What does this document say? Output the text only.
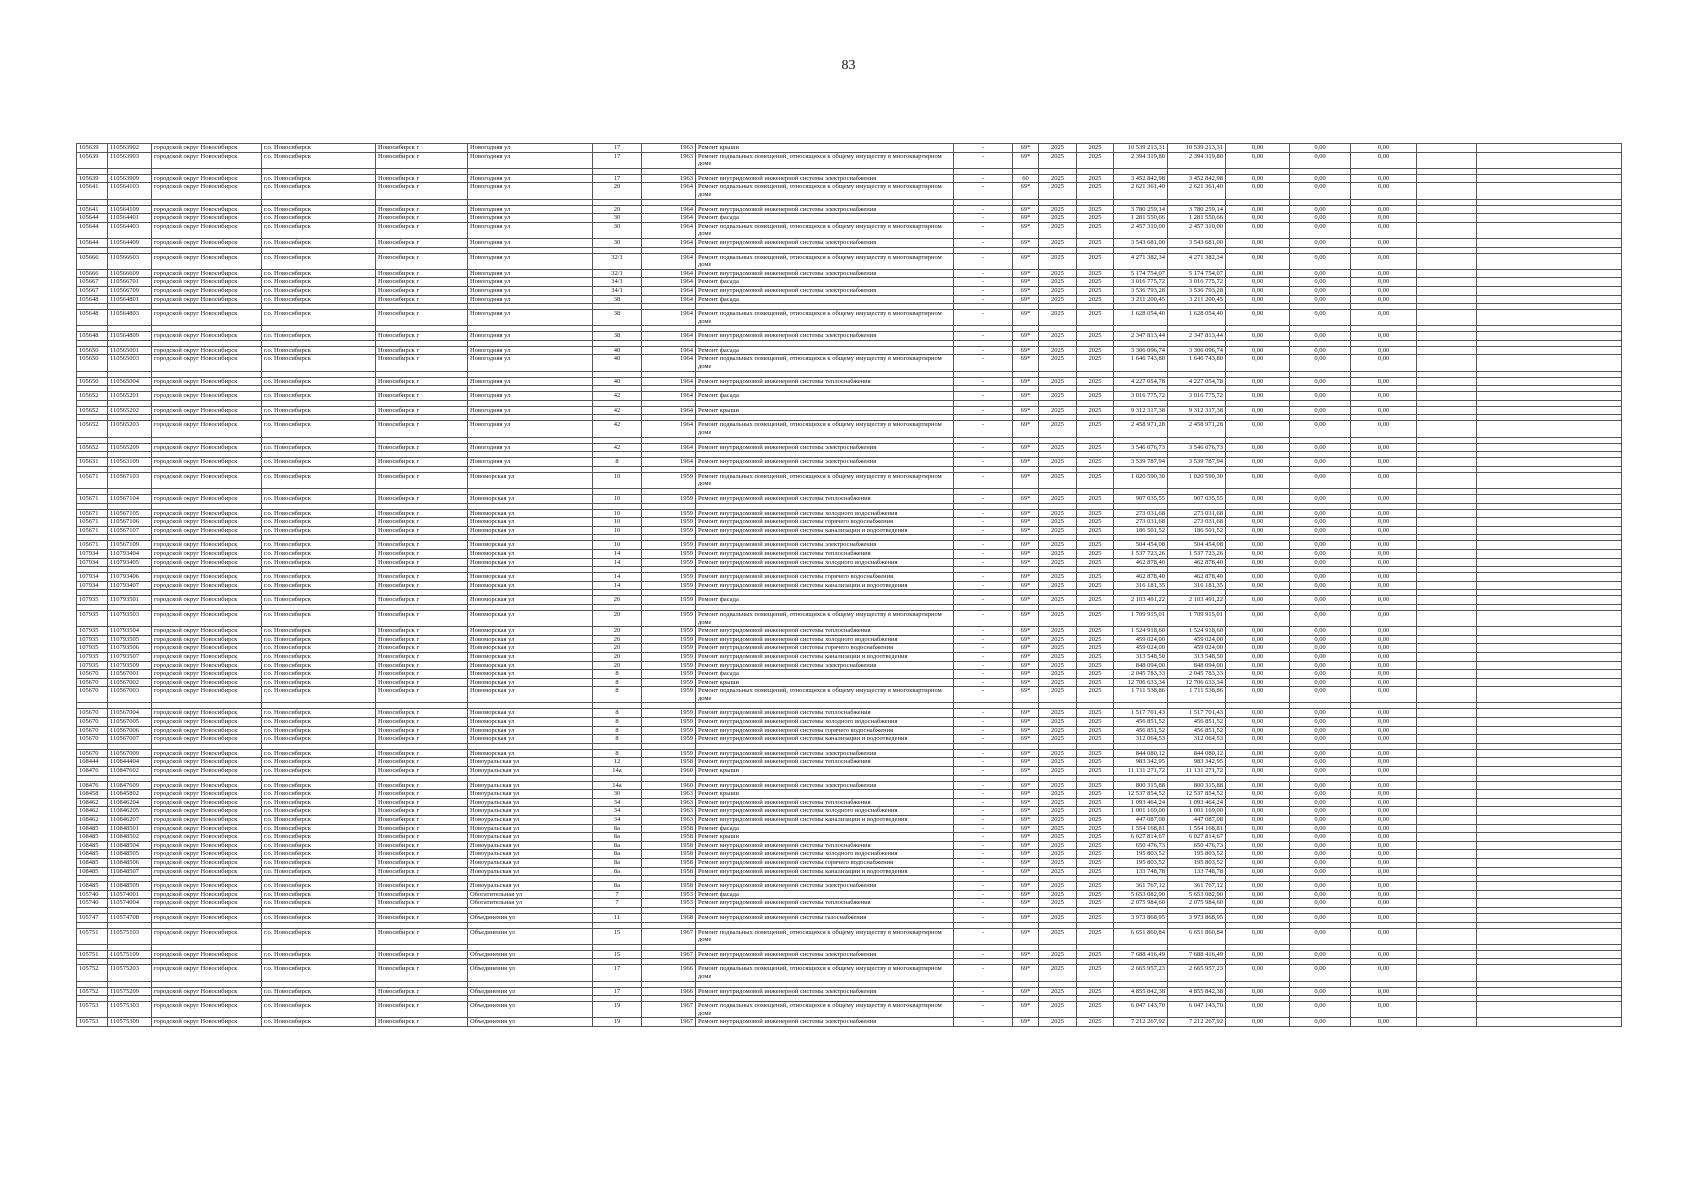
83
105639	110563902	городской округ Новосибирск	г.о. Новосибирск	Новосибирск г	Новогодняя ул	17	1963	Ремонт крыши	-	69*	2025	2025	10 539 213,31	10 539 213,31	0,00	0,00	0,00		
105639	110563903	городской округ Новосибирск	г.о. Новосибирск	Новосибирск г	Новогодняя ул	17	1963	Ремонт подвальных помещений, относящихся к общему имуществу в многоквартирном доме	-	69*	2025	2025	2 394 319,80	2 394 319,80	0,00	0,00	0,00		

105639	110563909	городской округ Новосибирск	г.о. Новосибирск	Новосибирск г	Новогодняя ул	17	1963	Ремонт внутридомовой инженерной системы электроснабжения	-	60	2025	2025	3 452 842,98	3 452 842,98	0,00	0,00	0,00		
105641	110564103	городской округ Новосибирск	г.о. Новосибирск	Новосибирск г	Новогодняя ул	20	1964	Ремонт подвальных помещений, относящихся к общему имуществу в многоквартирном доме	-	69*	2025	2025	2 621 361,40	2 621 361,40	0,00	0,00	0,00		

105641	110564109	городской округ Новосибирск	г.о. Новосибирск	Новосибирск г	Новогодняя ул	20	1964	Ремонт внутридомовой инженерной системы электроснабжения	-	69*	2025	2025	3 780 259,14	3 780 259,14	0,00	0,00	0,00		
105644	110564401	городской округ Новосибирск	г.о. Новосибирск	Новосибирск г	Новогодняя ул	30	1964	Ремонт фасада	-	69*	2025	2025	1 281 550,66	1 281 550,66	0,00	0,00	0,00		
105644	110564403	городской округ Новосибирск	г.о. Новосибирск	Новосибирск г	Новогодняя ул	30	1964	Ремонт подвальных помещений, относящихся к общему имуществу в многоквартирном доме	-	69*	2025	2025	2 457 310,00	2 457 310,00	0,00	0,00	0,00		
105644	110564409	городской округ Новосибирск	г.о. Новосибирск	Новосибирск г	Новогодняя ул	30	1964	Ремонт внутридомовой инженерной системы электроснабжения	-	69*	2025	2025	3 543 681,00	3 543 681,00	0,00	0,00	0,00		

105666	110566603	городской округ Новосибирск	г.о. Новосибирск	Новосибирск г	Новогодняя ул	32/1	1964	Ремонт подвальных помещений, относящихся к общему имуществу в многоквартирном доме	-	69*	2025	2025	4 271 382,34	4 271 382,34	0,00	0,00	0,00		
105666	110566609	городской округ Новосибирск	г.о. Новосибирск	Новосибирск г	Новогодняя ул	32/1	1964	Ремонт внутридомовой инженерной системы электроснабжения	-	69*	2025	2025	5 174 754,07	5 174 754,07	0,00	0,00	0,00		
105667	110566701	городской округ Новосибирск	г.о. Новосибирск	Новосибирск г	Новогодняя ул	34/1	1964	Ремонт фасада	-	69*	2025	2025	3 016 775,72	3 016 775,72	0,00	0,00	0,00		
105667	110566709	городской округ Новосибирск	г.о. Новосибирск	Новосибирск г	Новогодняя ул	34/1	1964	Ремонт внутридомовой инженерной системы электроснабжения	-	69*	2025	2025	3 536 793,28	3 536 793,28	0,00	0,00	0,00		
105648	110564801	городской округ Новосибирск	г.о. Новосибирск	Новосибирск г	Новогодняя ул	38	1964	Ремонт фасада	-	69*	2025	2025	3 211 200,45	3 211 200,45	0,00	0,00	0,00		

105648	110564803	городской округ Новосибирск	г.о. Новосибирск	Новосибирск г	Новогодняя ул	38	1964	Ремонт подвальных помещений, относящихся к общему имуществу в многоквартирном доме	-	69*	2025	2025	1 628 054,40	1 628 054,40	0,00	0,00	0,00		

105648	110564809	городской округ Новосибирск	г.о. Новосибирск	Новосибирск г	Новогодняя ул	38	1964	Ремонт внутридомовой инженерной системы электроснабжения	-	69*	2025	2025	2 347 813,44	2 347 813,44	0,00	0,00	0,00		

105650	110565001	городской округ Новосибирск	г.о. Новосибирск	Новосибирск г	Новогодняя ул	40	1964	Ремонт фасада	-	69*	2025	2025	3 306 096,74	3 306 096,74	0,00	0,00	0,00		
105650	110565003	городской округ Новосибирск	г.о. Новосибирск	Новосибирск г	Новогодняя ул	40	1964	Ремонт подвальных помещений, относящихся к общему имуществу в многоквартирном доме	-	69*	2025	2025	1 646 743,80	1 646 743,80	0,00	0,00	0,00		

105650	110565004	городской округ Новосибирск	г.о. Новосибирск	Новосибирск г	Новогодняя ул	40	1964	Ремонт внутридомовой инженерной системы теплоснабжения	-	69*	2025	2025	4 227 054,78	4 227 054,78	0,00	0,00	0,00		

105652	110565201	городской округ Новосибирск	г.о. Новосибирск	Новосибирск г	Новогодняя ул	42	1964	Ремонт фасада	-	69*	2025	2025	3 016 775,72	3 016 775,72	0,00	0,00	0,00		

105652	110565202	городской округ Новосибирск	г.о. Новосибирск	Новосибирск г	Новогодняя ул	42	1964	Ремонт крыши	-	69*	2025	2025	9 312 317,38	9 312 317,38	0,00	0,00	0,00		

105652	110565203	городской округ Новосибирск	г.о. Новосибирск	Новосибирск г	Новогодняя ул	42	1964	Ремонт подвальных помещений, относящихся к общему имуществу в многоквартирном доме	-	69*	2025	2025	2 458 971,28	2 458 971,28	0,00	0,00	0,00		

105652	110565209	городской округ Новосибирск	г.о. Новосибирск	Новосибирск г	Новогодняя ул	42	1964	Ремонт внутридомовой инженерной системы электроснабжения	-	69*	2025	2025	3 546 076,73	3 546 076,73	0,00	0,00	0,00		

105631	110563109	городской округ Новосибирск	г.о. Новосибирск	Новосибирск г	Новогодняя ул	8	1964	Ремонт внутридомовой инженерной системы электроснабжения	-	69*	2025	2025	3 539 787,94	3 539 787,94	0,00	0,00	0,00		

105671	110567103	городской округ Новосибирск	г.о. Новосибирск	Новосибирск г	Новоморская ул	10	1959	Ремонт подвальных помещений, относящихся к общему имуществу в многоквартирном доме	-	69*	2025	2025	1 020 590,30	1 020 590,30	0,00	0,00	0,00		

105671	110567104	городской округ Новосибирск	г.о. Новосибирск	Новосибирск г	Новоморская ул	10	1959	Ремонт внутридомовой инженерной системы теплоснабжения	-	69*	2025	2025	907 035,55	907 035,55	0,00	0,00	0,00		

105671	110567105	городской округ Новосибирск	г.о. Новосибирск	Новосибирск г	Новоморская ул	10	1959	Ремонт внутридомовой инженерной системы холодного водоснабжения	-	69*	2025	2025	273 031,68	273 031,68	0,00	0,00	0,00		
105671	110567106	городской округ Новосибирск	г.о. Новосибирск	Новосибирск г	Новоморская ул	10	1959	Ремонт внутридомовой инженерной системы горячего водоснабжения	-	69*	2025	2025	273 031,68	273 031,68	0,00	0,00	0,00		
105671	110567107	городской округ Новосибирск	г.о. Новосибирск	Новосибирск г	Новоморская ул	10	1959	Ремонт внутридомовой инженерной системы канализации и водоотведения	-	69*	2025	2025	186 501,52	186 501,52	0,00	0,00	0,00		

105671	110567109	городской округ Новосибирск	г.о. Новосибирск	Новосибирск г	Новоморская ул	10	1959	Ремонт внутридомовой инженерной системы электроснабжения	-	69*	2025	2025	504 454,08	504 454,08	0,00	0,00	0,00		
107934	110793404	городской округ Новосибирск	г.о. Новосибирск	Новосибирск г	Новоморская ул	14	1959	Ремонт внутридомовой инженерной системы теплоснабжения	-	69*	2025	2025	1 537 723,26	1 537 723,26	0,00	0,00	0,00		
107934	110793405	городской округ Новосибирск	г.о. Новосибирск	Новосибирск г	Новоморская ул	14	1959	Ремонт внутридомовой инженерной системы холодного водоснабжения	-	69*	2025	2025	462 878,40	462 878,40	0,00	0,00	0,00		

107934	110793406	городской округ Новосибирск	г.о. Новосибирск	Новосибирск г	Новоморская ул	14	1959	Ремонт внутридомовой инженерной системы горячего водоснабжения	-	69*	2025	2025	462 878,40	462 878,40	0,00	0,00	0,00		
107934	110793407	городской округ Новосибирск	г.о. Новосибирск	Новосибирск г	Новоморская ул	14	1959	Ремонт внутридомовой инженерной системы канализации и водоотведения	-	69*	2025	2025	316 181,35	316 181,35	0,00	0,00	0,00		

107935	110793501	городской округ Новосибирск	г.о. Новосибирск	Новосибирск г	Новоморская ул	20	1959	Ремонт фасада	-	69*	2025	2025	2 103 491,22	2 103 491,22	0,00	0,00	0,00		

107935	110793503	городской округ Новосибирск	г.о. Новосибирск	Новосибирск г	Новоморская ул	20	1959	Ремонт подвальных помещений, относящихся к общему имуществу в многоквартирном доме	-	69*	2025	2025	1 709 915,01	1 709 915,01	0,00	0,00	0,00		
107935	110793504	городской округ Новосибирск	г.о. Новосибирск	Новосибирск г	Новоморская ул	20	1959	Ремонт внутридомовой инженерной системы теплоснабжения	-	69*	2025	2025	1 524 918,60	1 524 918,60	0,00	0,00	0,00		
107935	110793505	городской округ Новосибирск	г.о. Новосибирск	Новосибирск г	Новоморская ул	20	1959	Ремонт внутридомовой инженерной системы холодного водоснабжения	-	69*	2025	2025	459 024,00	459 024,00	0,00	0,00	0,00		
107935	110793506	городской округ Новосибирск	г.о. Новосибирск	Новосибирск г	Новоморская ул	20	1959	Ремонт внутридомовой инженерной системы горячего водоснабжения	-	69*	2025	2025	459 024,00	459 024,00	0,00	0,00	0,00		
107935	110793507	городской округ Новосибирск	г.о. Новосибирск	Новосибирск г	Новоморская ул	20	1959	Ремонт внутридомовой инженерной системы канализации и водоотведения	-	69*	2025	2025	313 548,50	313 548,50	0,00	0,00	0,00		
107935	110793509	городской округ Новосибирск	г.о. Новосибирск	Новосибирск г	Новоморская ул	20	1959	Ремонт внутридомовой инженерной системы электроснабжения	-	69*	2025	2025	848 094,00	848 094,00	0,00	0,00	0,00		
105670	110567001	городской округ Новосибирск	г.о. Новосибирск	Новосибирск г	Новоморская ул	8	1959	Ремонт фасада	-	69*	2025	2025	2 045 783,33	2 045 783,33	0,00	0,00	0,00		
105670	110567002	городской округ Новосибирск	г.о. Новосибирск	Новосибирск г	Новоморская ул	8	1959	Ремонт крыши	-	69*	2025	2025	12 706 633,34	12 706 633,34	0,00	0,00	0,00		
105670	110567003	городской округ Новосибирск	г.о. Новосибирск	Новосибирск г	Новоморская ул	8	1959	Ремонт подвальных помещений, относящихся к общему имуществу в многоквартирном доме	-	69*	2025	2025	1 711 538,86	1 711 538,86	0,00	0,00	0,00		

105670	110567004	городской округ Новосибирск	г.о. Новосибирск	Новосибирск г	Новоморская ул	8	1959	Ремонт внутридомовой инженерной системы теплоснабжения	-	69*	2025	2025	1 517 701,43	1 517 701,43	0,00	0,00	0,00		
105670	110567005	городской округ Новосибирск	г.о. Новосибирск	Новосибирск г	Новоморская ул	8	1959	Ремонт внутридомовой инженерной системы холодного водоснабжения	-	69*	2025	2025	456 851,52	456 851,52	0,00	0,00	0,00		
105670	110567006	городской округ Новосибирск	г.о. Новосибирск	Новосибирск г	Новоморская ул	8	1959	Ремонт внутридомовой инженерной системы горячего водоснабжения	-	69*	2025	2025	456 851,52	456 851,52	0,00	0,00	0,00		
105670	110567007	городской округ Новосибирск	г.о. Новосибирск	Новосибирск г	Новоморская ул	8	1959	Ремонт внутридомовой инженерной системы канализации и водоотведения	-	69*	2025	2025	312 064,53	312 064,53	0,00	0,00	0,00		

105670	110567009	городской округ Новосибирск	г.о. Новосибирск	Новосибирск г	Новоморская ул	8	1959	Ремонт внутридомовой инженерной системы электроснабжения	-	69*	2025	2025	844 080,12	844 080,12	0,00	0,00	0,00		
108444	110844404	городской округ Новосибирск	г.о. Новосибирск	Новосибирск г	Новоуральская ул	12	1958	Ремонт внутридомовой инженерной системы теплоснабжения	-	69*	2025	2025	983 342,95	983 342,95	0,00	0,00	0,00		
108476	110847602	городской округ Новосибирск	г.о. Новосибирск	Новосибирск г	Новоуральская ул	14а	1960	Ремонт крыши	-	69*	2025	2025	11 131 271,72	11 131 271,72	0,00	0,00	0,00		

108476	110847609	городской округ Новосибирск	г.о. Новосибирск	Новосибирск г	Новоуральская ул	14а	1960	Ремонт внутридомовой инженерной системы электроснабжения	-	69*	2025	2025	800 315,88	800 315,88	0,00	0,00	0,00		
108458	110845802	городской округ Новосибирск	г.о. Новосибирск	Новосибирск г	Новоуральская ул	30	1963	Ремонт крыши	-	69*	2025	2025	12 537 854,52	12 537 854,52	0,00	0,00	0,00		
108462	110846204	городской округ Новосибирск	г.о. Новосибирск	Новосибирск г	Новоуральская ул	34	1963	Ремонт внутридомовой инженерной системы теплоснабжения	-	69*	2025	2025	1 093 464,24	1 093 464,24	0,00	0,00	0,00		
108462	110846205	городской округ Новосибирск	г.о. Новосибирск	Новосибирск г	Новоуральская ул	34	1963	Ремонт внутридомовой инженерной системы холодного водоснабжения	-	69*	2025	2025	1 001 169,00	1 001 169,00	0,00	0,00	0,00		
108462	110846207	городской округ Новосибирск	г.о. Новосибирск	Новосибирск г	Новоуральская ул	34	1963	Ремонт внутридомовой инженерной системы канализации и водоотведения	-	69*	2025	2025	447 087,08	447 087,08	0,00	0,00	0,00		
108485	110848501	городской округ Новосибирск	г.о. Новосибирск	Новосибирск г	Новоуральская ул	8а	1958	Ремонт фасада	-	69*	2025	2025	1 554 168,81	1 554 168,81	0,00	0,00	0,00		
108485	110848502	городской округ Новосибирск	г.о. Новосибирск	Новосибирск г	Новоуральская ул	8а	1958	Ремонт крыши	-	69*	2025	2025	6 027 814,67	6 027 814,67	0,00	0,00	0,00		
108485	110848504	городской округ Новосибирск	г.о. Новосибирск	Новосибирск г	Новоуральская ул	8а	1958	Ремонт внутридомовой инженерной системы теплоснабжения	-	69*	2025	2025	650 476,73	650 476,73	0,00	0,00	0,00		
108485	110848505	городской округ Новосибирск	г.о. Новосибирск	Новосибирск г	Новоуральская ул	8а	1958	Ремонт внутридомовой инженерной системы холодного водоснабжения	-	69*	2025	2025	195 803,52	195 803,52	0,00	0,00	0,00		
108485	110848506	городской округ Новосибирск	г.о. Новосибирск	Новосибирск г	Новоуральская ул	8а	1958	Ремонт внутридомовой инженерной системы горячего водоснабжения	-	69*	2025	2025	195 803,52	195 803,52	0,00	0,00	0,00		
108485	110848507	городской округ Новосибирск	г.о. Новосибирск	Новосибирск г	Новоуральская ул	8а	1958	Ремонт внутридомовой инженерной системы канализации и водоотведения	-	69*	2025	2025	133 748,78	133 748,78	0,00	0,00	0,00		

108485	110848509	городской округ Новосибирск	г.о. Новосибирск	Новосибирск г	Новоуральская ул	8а	1958	Ремонт внутридомовой инженерной системы электроснабжения	-	69*	2025	2025	361 767,12	361 767,12	0,00	0,00	0,00		
105740	110574001	городской округ Новосибирск	г.о. Новосибирск	Новосибирск г	Обогатительная ул	7	1953	Ремонт фасада	-	69*	2025	2025	5 653 082,90	5 653 082,90	0,00	0,00	0,00		
105740	110574004	городской округ Новосибирск	г.о. Новосибирск	Новосибирск г	Обогатительная ул	7	1953	Ремонт внутридомовой инженерной системы теплоснабжения	-	69*	2025	2025	2 075 984,60	2 075 984,60	0,00	0,00	0,00		

105747	110574708	городской округ Новосибирск	г.о. Новосибирск	Новосибирск г	Объединения ул	11	1968	Ремонт внутридомовой инженерной системы газоснабжения	-	69*	2025	2025	3 973 868,95	3 973 868,95	0,00	0,00	0,00		

105751	110575103	городской округ Новосибирск	г.о. Новосибирск	Новосибирск г	Объединения ул	15	1967	Ремонт подвальных помещений, относящихся к общему имуществу в многоквартирном доме	-	69*	2025	2025	6 651 860,84	6 651 860,84	0,00	0,00	0,00		

105751	110575109	городской округ Новосибирск	г.о. Новосибирск	Новосибирск г	Объединения ул	15	1967	Ремонт внутридомовой инженерной системы электроснабжения	-	69*	2025	2025	7 688 416,49	7 688 416,49	0,00	0,00	0,00		

105752	110575203	городской округ Новосибирск	г.о. Новосибирск	Новосибирск г	Объединения ул	17	1966	Ремонт подвальных помещений, относящихся к общему имуществу в многоквартирном доме	-	69*	2025	2025	2 665 957,23	2 665 957,23	0,00	0,00	0,00		

105752	110575209	городской округ Новосибирск	г.о. Новосибирск	Новосибирск г	Объединения ул	17	1966	Ремонт внутридомовой инженерной системы электроснабжения	-	69*	2025	2025	4 855 842,38	4 855 842,38	0,00	0,00	0,00		

105753	110575303	городской округ Новосибирск	г.о. Новосибирск	Новосибирск г	Объединения ул	19	1967	Ремонт подвальных помещений, относящихся к общему имуществу в многоквартирном доме	-	69*	2025	2025	6 047 143,70	6 047 143,70	0,00	0,00	0,00		
105753	110575309	городской округ Новосибирск	г.о. Новосибирск	Новосибирск г	Объединения ул	19	1967	Ремонт внутридомовой инженерной системы электроснабжения	-	69*	2025	2025	7 212 267,92	7 212 267,92	0,00	0,00	0,00		
